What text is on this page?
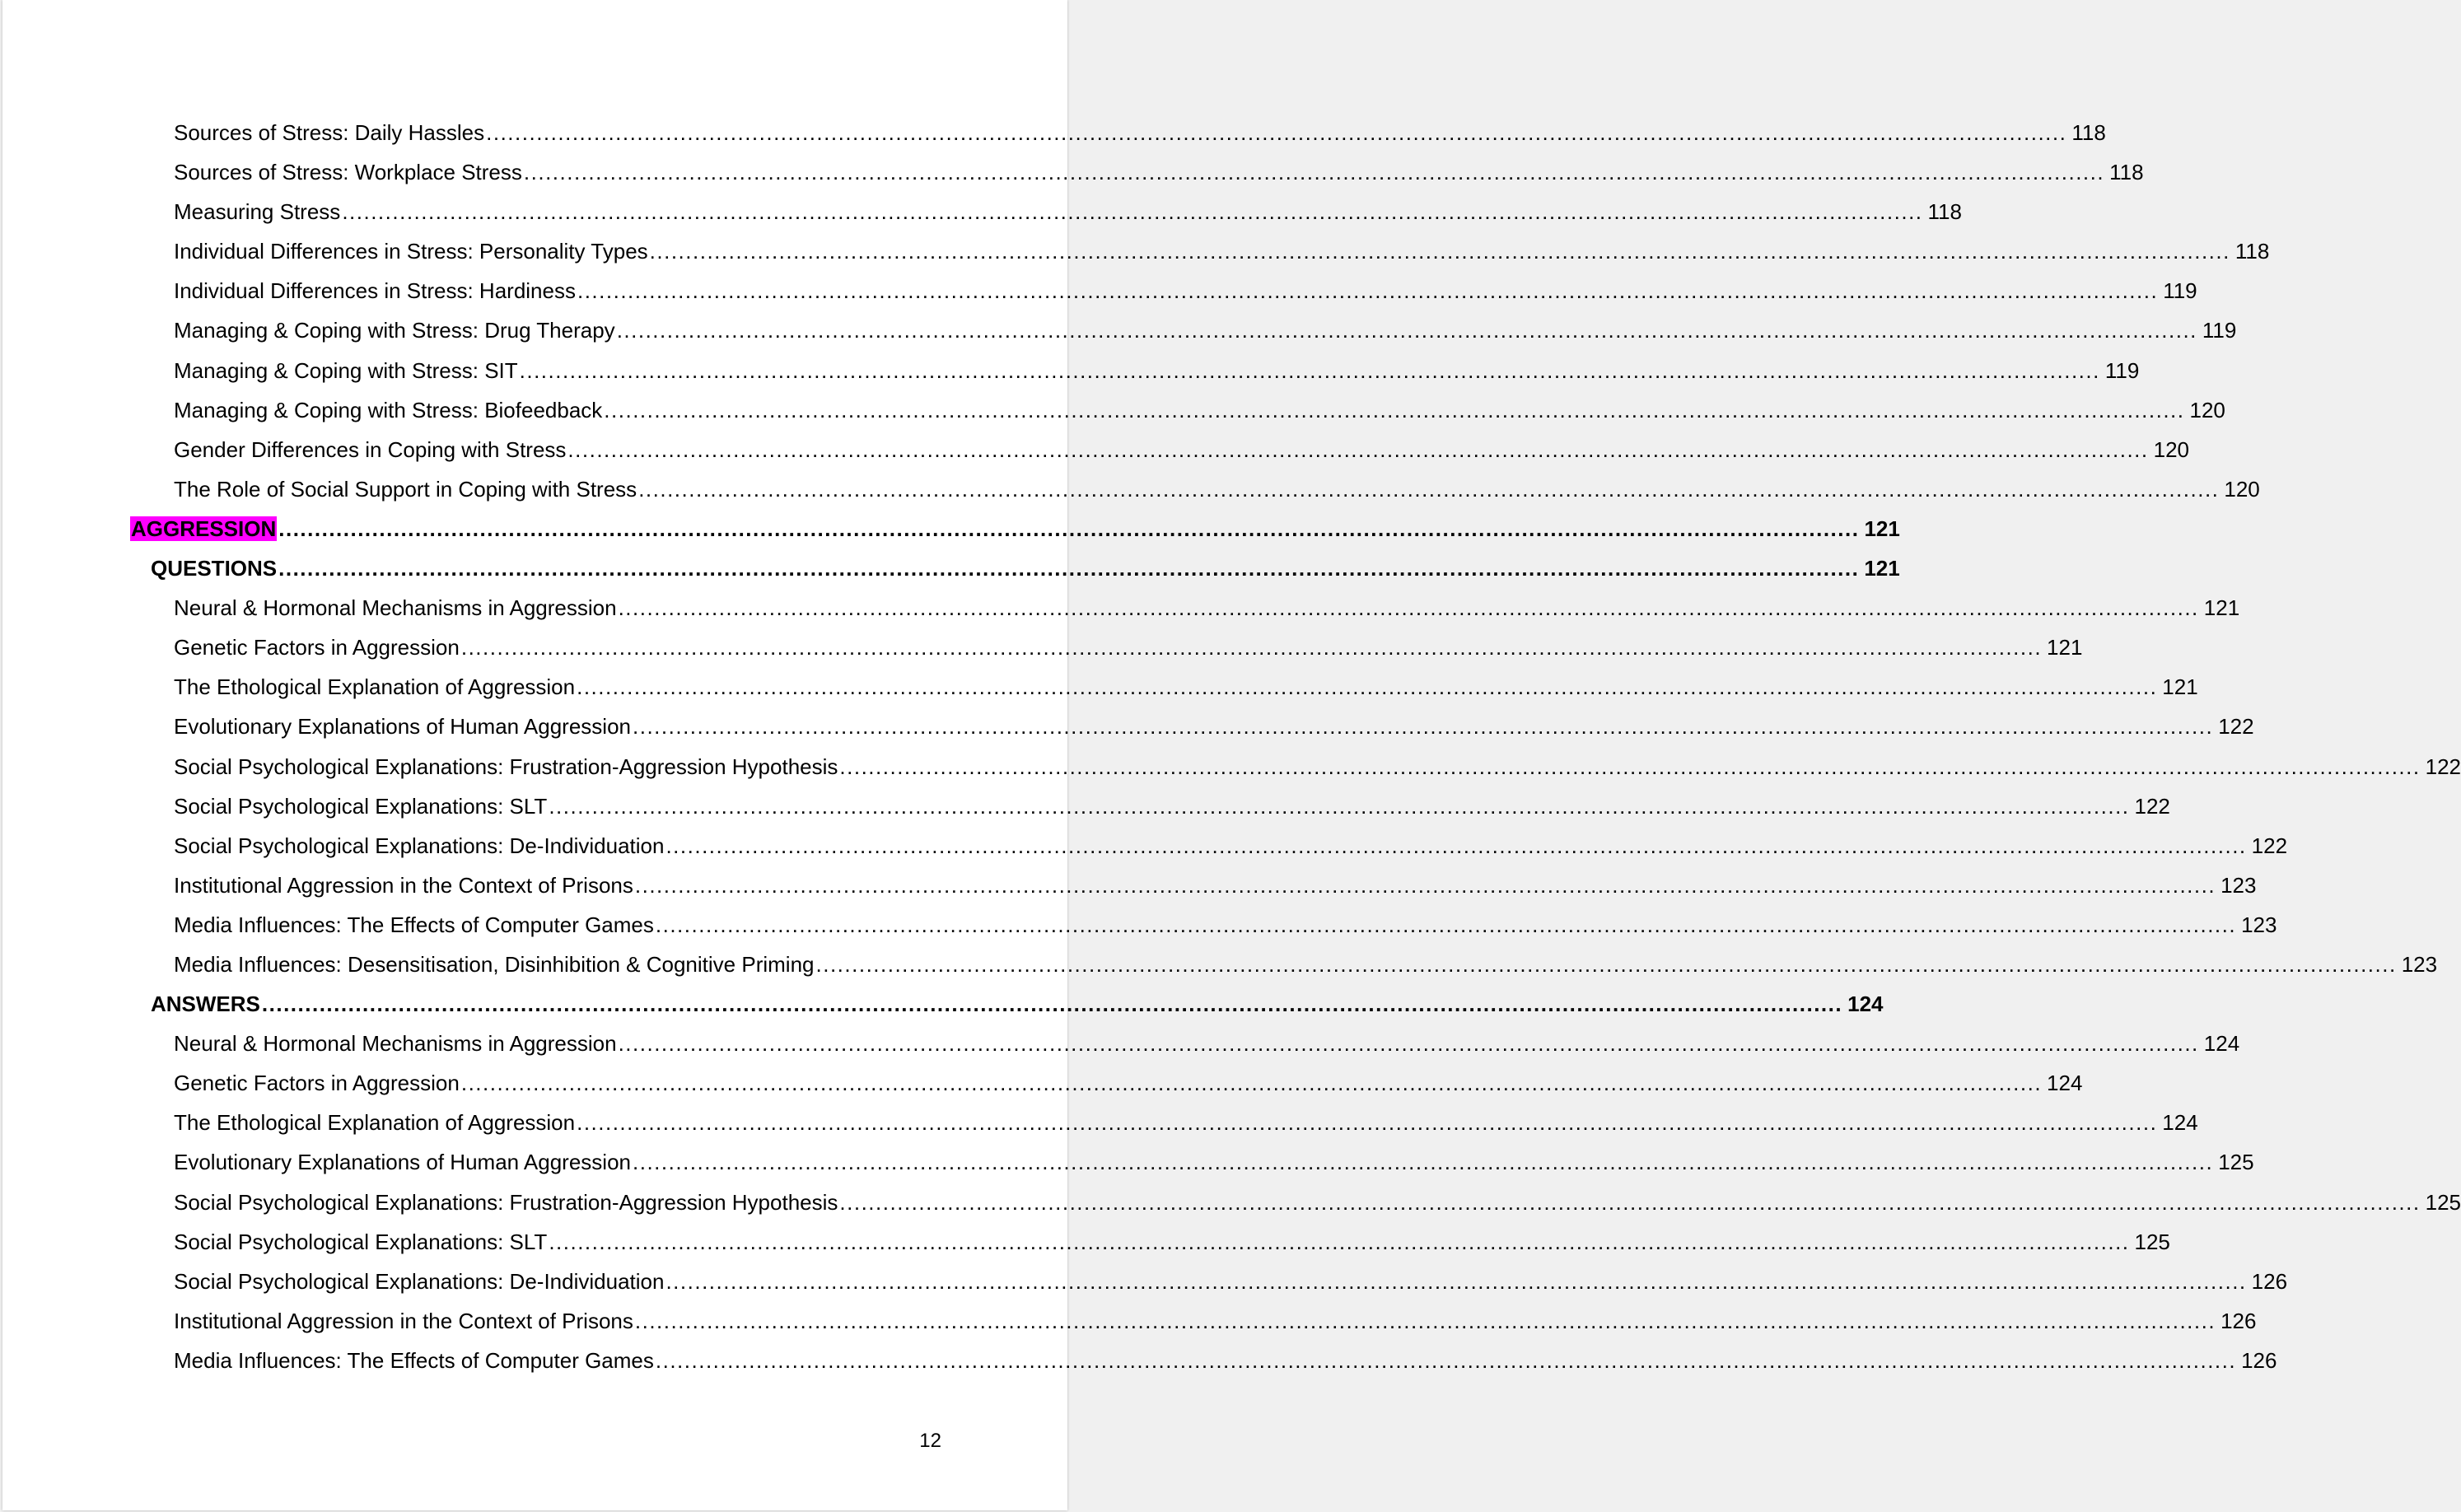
Sources of Stress: Daily Hassles ............................................................................................................................................................................................................................ 118
Sources of Stress: Workplace Stress ............................................................................................................................................................................................................................ 118
Measuring Stress ............................................................................................................................................................................................................................ 118
Individual Differences in Stress: Personality Types ............................................................................................................................................................................................................................ 118
Individual Differences in Stress: Hardiness ............................................................................................................................................................................................................................ 119
Managing & Coping with Stress: Drug Therapy ............................................................................................................................................................................................................................ 119
Managing & Coping with Stress: SIT ............................................................................................................................................................................................................................ 119
Managing & Coping with Stress: Biofeedback ............................................................................................................................................................................................................................ 120
Gender Differences in Coping with Stress ............................................................................................................................................................................................................................ 120
The Role of Social Support in Coping with Stress ............................................................................................................................................................................................................................ 120
AGGRESSION ............................................................................................................................................................................................................................ 121
QUESTIONS ............................................................................................................................................................................................................................ 121
Neural & Hormonal Mechanisms in Aggression ............................................................................................................................................................................................................................ 121
Genetic Factors in Aggression ............................................................................................................................................................................................................................ 121
The Ethological Explanation of Aggression ............................................................................................................................................................................................................................ 121
Evolutionary Explanations of Human Aggression ............................................................................................................................................................................................................................ 122
Social Psychological Explanations: Frustration-Aggression Hypothesis ............................................................................................................................................................................................................................ 122
Social Psychological Explanations: SLT ............................................................................................................................................................................................................................ 122
Social Psychological Explanations: De-Individuation ............................................................................................................................................................................................................................ 122
Institutional Aggression in the Context of Prisons ............................................................................................................................................................................................................................ 123
Media Influences: The Effects of Computer Games ............................................................................................................................................................................................................................ 123
Media Influences: Desensitisation, Disinhibition & Cognitive Priming ............................................................................................................................................................................................................................ 123
ANSWERS ............................................................................................................................................................................................................................ 124
Neural & Hormonal Mechanisms in Aggression ............................................................................................................................................................................................................................ 124
Genetic Factors in Aggression ............................................................................................................................................................................................................................ 124
The Ethological Explanation of Aggression ............................................................................................................................................................................................................................ 124
Evolutionary Explanations of Human Aggression ............................................................................................................................................................................................................................ 125
Social Psychological Explanations: Frustration-Aggression Hypothesis ............................................................................................................................................................................................................................ 125
Social Psychological Explanations: SLT ............................................................................................................................................................................................................................ 125
Social Psychological Explanations: De-Individuation ............................................................................................................................................................................................................................ 126
Institutional Aggression in the Context of Prisons ............................................................................................................................................................................................................................ 126
Media Influences: The Effects of Computer Games ............................................................................................................................................................................................................................ 126
12
